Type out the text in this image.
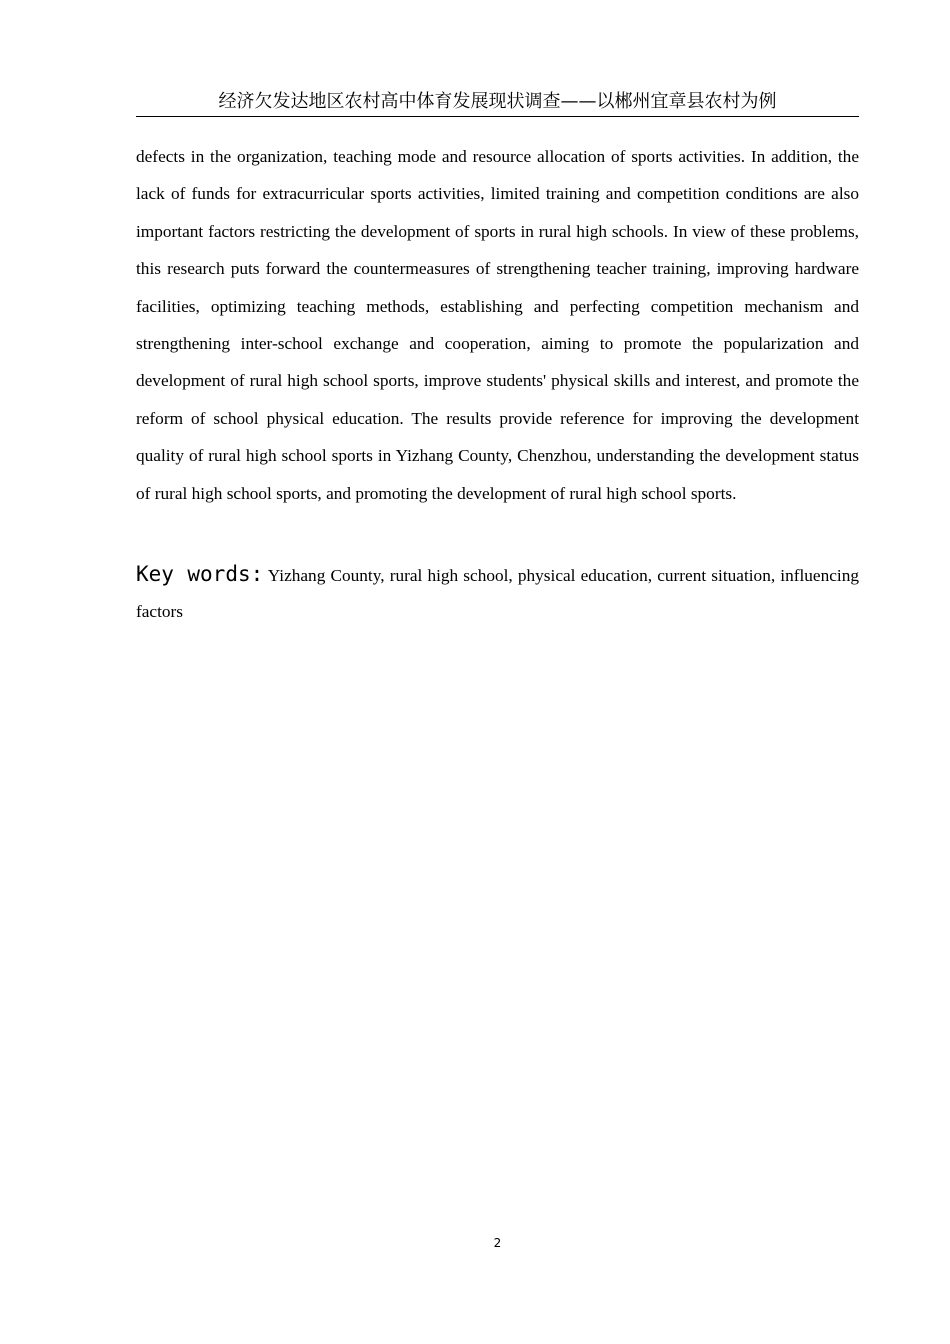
经济欠发达地区农村高中体育发展现状调查——以郴州宜章县农村为例

defects in the organization, teaching mode and resource allocation of sports activities. In addition, the lack of funds for extracurricular sports activities, limited training and competition conditions are also important factors restricting the development of sports in rural high schools. In view of these problems, this research puts forward the countermeasures of strengthening teacher training, improving hardware facilities, optimizing teaching methods, establishing and perfecting competition mechanism and strengthening inter-school exchange and cooperation, aiming to promote the popularization and development of rural high school sports, improve students' physical skills and interest, and promote the reform of school physical education. The results provide reference for improving the development quality of rural high school sports in Yizhang County, Chenzhou, understanding the development status of rural high school sports, and promoting the development of rural high school sports.

Key words: Yizhang County, rural high school, physical education, current situation, influencing factors

2
